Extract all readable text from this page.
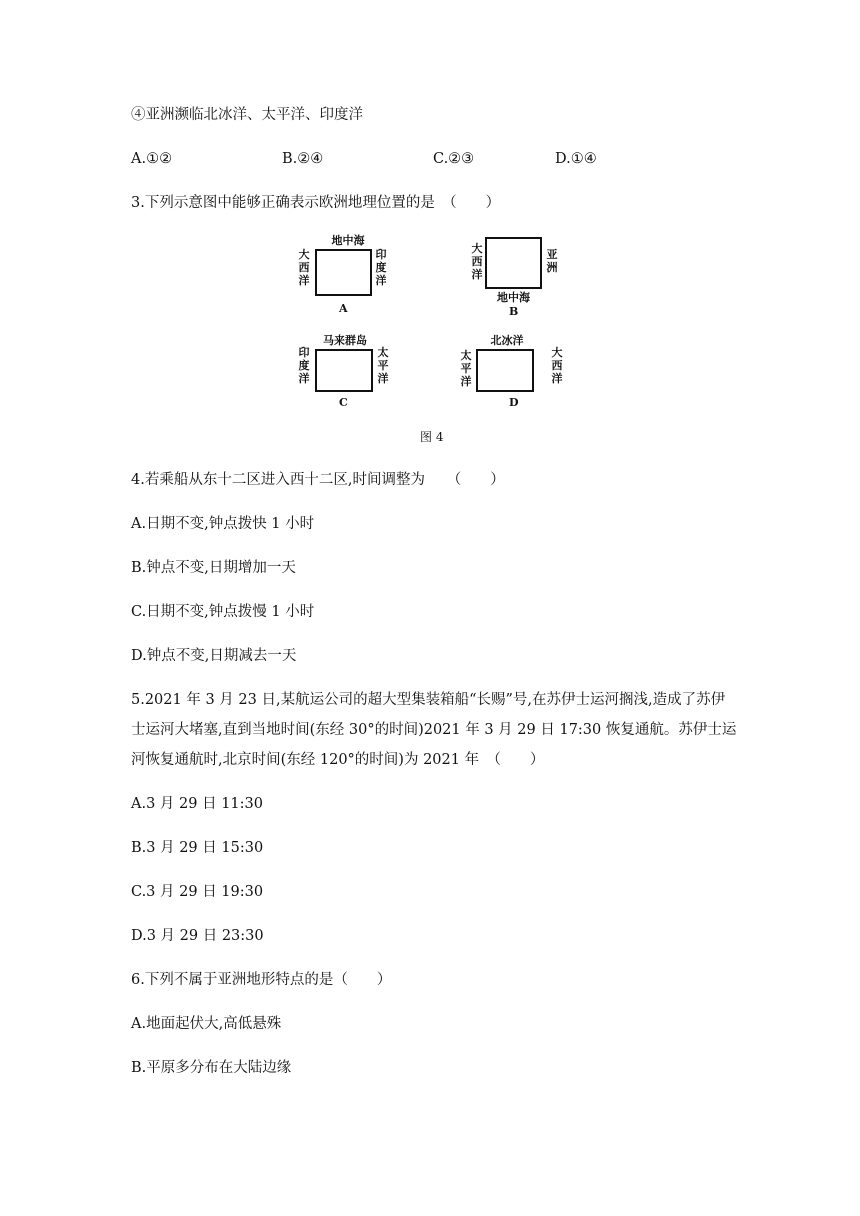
④亚洲濒临北冰洋、太平洋、印度洋
A.①②	B.②④	C.②③	D.①④
3.下列示意图中能够正确表示欧洲地理位置的是　（　　）
地中海
大西洋
印度洋
A
大西洋
亚洲
地中海
B
马来群岛
印度洋
太平洋
C
北冰洋
太平洋
大西洋
D
图 4
4.若乘船从东十二区进入西十二区,时间调整为　　（　　）
A.日期不变,钟点拨快 1 小时
B.钟点不变,日期增加一天
C.日期不变,钟点拨慢 1 小时
D.钟点不变,日期减去一天
5.2021 年 3 月 23 日,某航运公司的超大型集装箱船“长赐”号,在苏伊士运河搁浅,造成了苏伊
士运河大堵塞,直到当地时间(东经 30°的时间)2021 年 3 月 29 日 17:30 恢复通航。苏伊士运
河恢复通航时,北京时间(东经 120°的时间)为 2021 年　（　　）
A.3 月 29 日 11:30
B.3 月 29 日 15:30
C.3 月 29 日 19:30
D.3 月 29 日 23:30
6.下列不属于亚洲地形特点的是（　　）
A.地面起伏大,高低悬殊
B.平原多分布在大陆边缘
